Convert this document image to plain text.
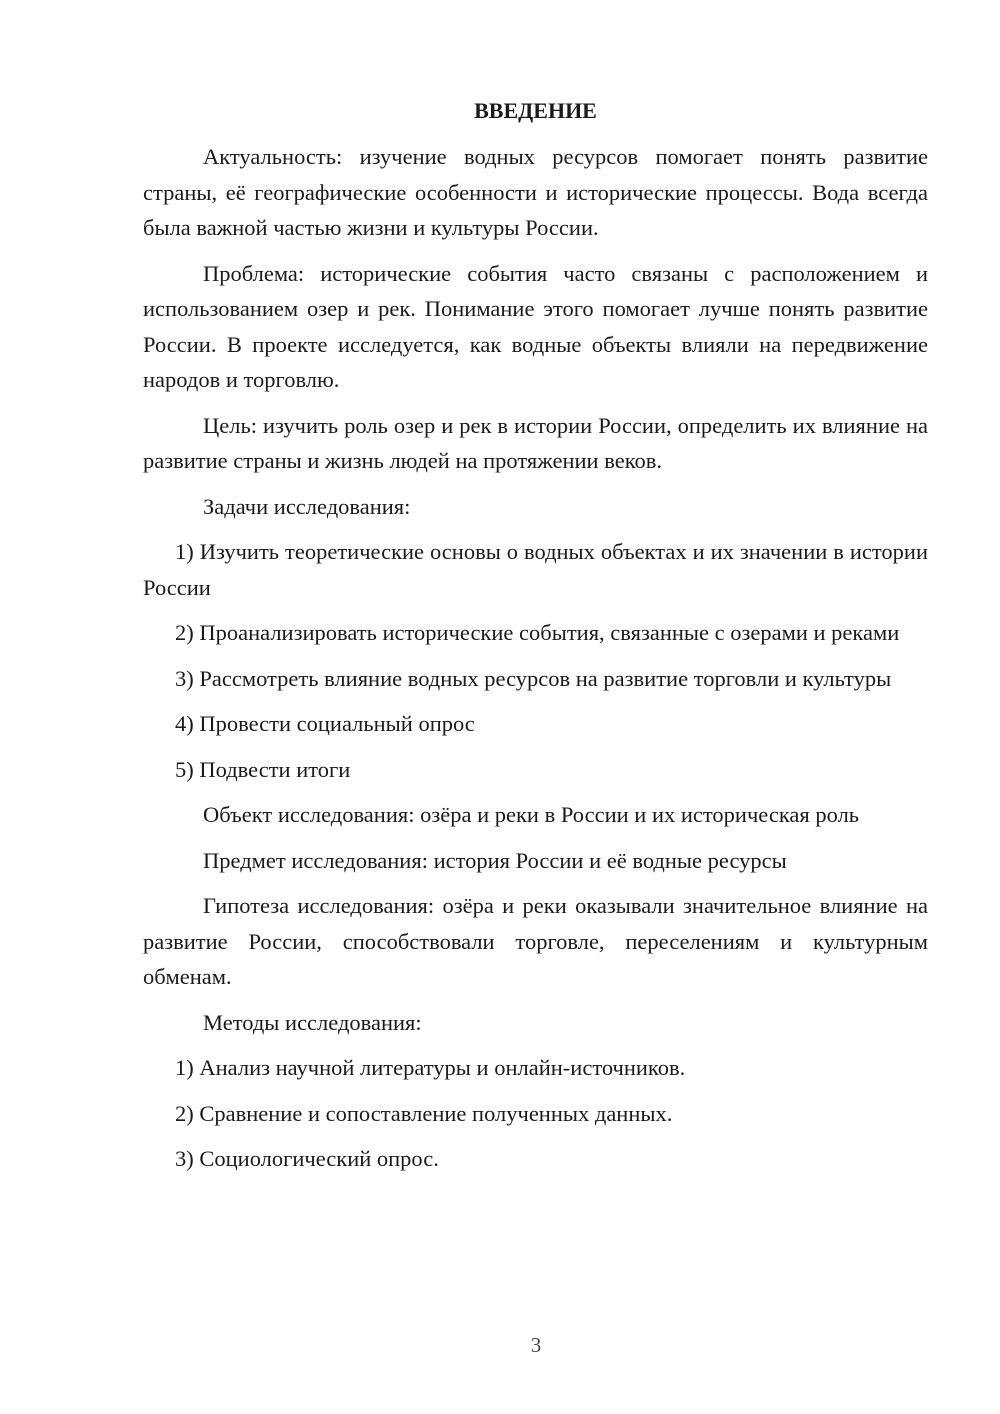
ВВЕДЕНИЕ
Актуальность: изучение водных ресурсов помогает понять развитие страны, её географические особенности и исторические процессы. Вода всегда была важной частью жизни и культуры России.
Проблема: исторические события часто связаны с расположением и использованием озер и рек. Понимание этого помогает лучше понять развитие России. В проекте исследуется, как водные объекты влияли на передвижение народов и торговлю.
Цель: изучить роль озер и рек в истории России, определить их влияние на развитие страны и жизнь людей на протяжении веков.
Задачи исследования:
1) Изучить теоретические основы о водных объектах и их значении в истории России
2) Проанализировать исторические события, связанные с озерами и реками
3) Рассмотреть влияние водных ресурсов на развитие торговли и культуры
4) Провести социальный опрос
5) Подвести итоги
Объект исследования: озёра и реки в России и их историческая роль
Предмет исследования: история России и её водные ресурсы
Гипотеза исследования: озёра и реки оказывали значительное влияние на развитие России, способствовали торговле, переселениям и культурным обменам.
Методы исследования:
1) Анализ научной литературы и онлайн-источников.
2) Сравнение и сопоставление полученных данных.
3) Социологический опрос.
3
